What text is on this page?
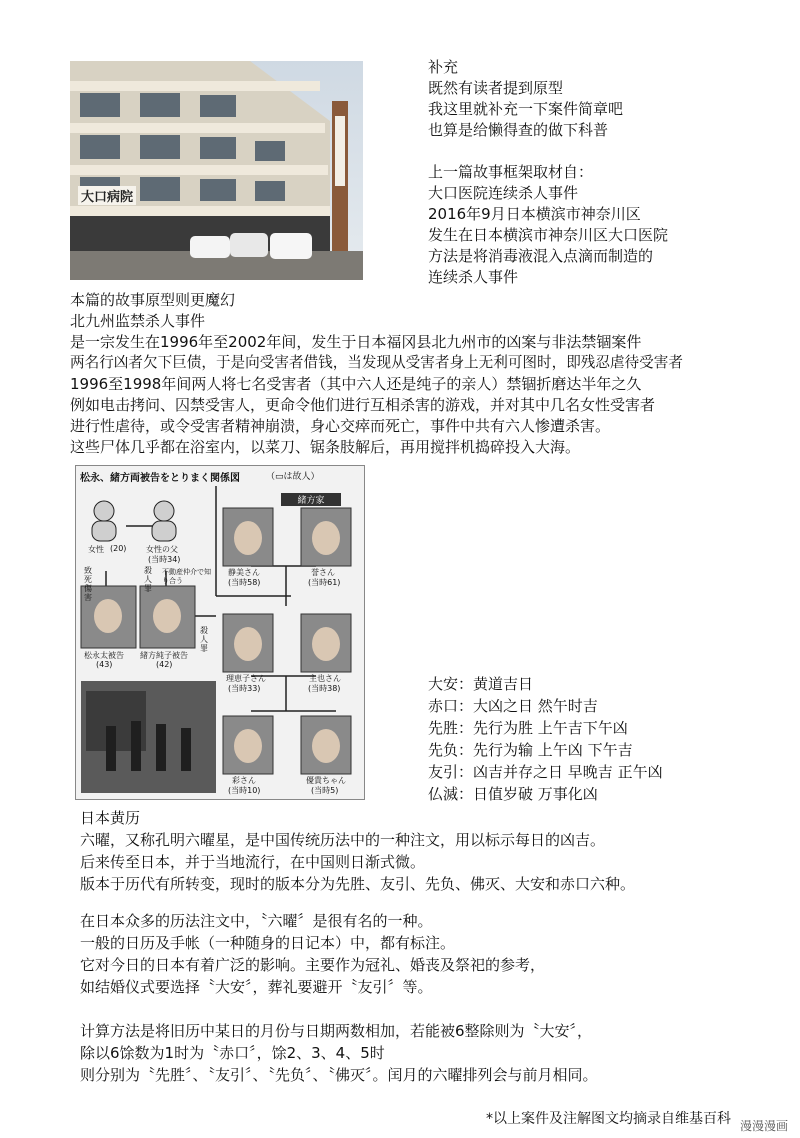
大口病院
补充
既然有读者提到原型
我这里就补充一下案件简章吧
也算是给懒得查的做下科普
上一篇故事框架取材自：
大口医院连续杀人事件
2016年9月日本横滨市神奈川区
发生在日本横滨市神奈川区大口医院
方法是将消毒液混入点滴而制造的
连续杀人事件
本篇的故事原型则更魔幻
北九州监禁杀人事件
是一宗发生在1996年至2002年间，发生于日本福冈县北九州市的凶案与非法禁锢案件
两名行凶者欠下巨债，于是向受害者借钱，当发现从受害者身上无利可图时，即残忍虐待受害者
1996至1998年间两人将七名受害者（其中六人还是纯子的亲人）禁锢折磨达半年之久
例如电击拷问、囚禁受害人，更命令他们进行互相杀害的游戏，并对其中几名女性受害者
进行性虐待，或令受害者精神崩溃，身心交瘁而死亡，事件中共有六人惨遭杀害。
这些尸体几乎都在浴室内，以菜刀、锯条肢解后，再用搅拌机捣碎投入大海。
松永、緒方両被告をとりまく関係図	（▭は故人）
緒方家
女性 (20) 女性の父
(当時34)
静美さん
(当時58)
誉さん
(当時61)
松永太被告
(43)
緒方純子被告
(42)
理恵子さん
(当時33)
主也さん
(当時38)
彩さん
(当時10)
優貴ちゃん
(当時5)
致死傷害
殺人罪
不動産仲介で知り合う
殺人罪
大安：黄道吉日
赤口：大凶之日 然午时吉
先胜：先行为胜 上午吉下午凶
先负：先行为输 上午凶 下午吉
友引：凶吉并存之日 早晚吉 正午凶
仏滅：日值岁破 万事化凶
日本黄历
六曜，又称孔明六曜星，是中国传统历法中的一种注文，用以标示每日的凶吉。
后来传至日本，并于当地流行，在中国则日渐式微。
版本于历代有所转变，现时的版本分为先胜、友引、先负、佛灭、大安和赤口六种。
在日本众多的历法注文中，〝六曜〞是很有名的一种。
一般的日历及手帐（一种随身的日记本）中，都有标注。
它对今日的日本有着广泛的影响。主要作为冠礼、婚丧及祭祀的参考，
如结婚仪式要选择〝大安〞，葬礼要避开〝友引〞等。
计算方法是将旧历中某日的月份与日期两数相加，若能被6整除则为〝大安〞，
除以6馀数为1时为〝赤口〞，馀2、3、4、5时
则分别为〝先胜〞、〝友引〞、〝先负〞、〝佛灭〞。闰月的六曜排列会与前月相同。
*以上案件及注解图文均摘录自维基百科 漫漫漫画
